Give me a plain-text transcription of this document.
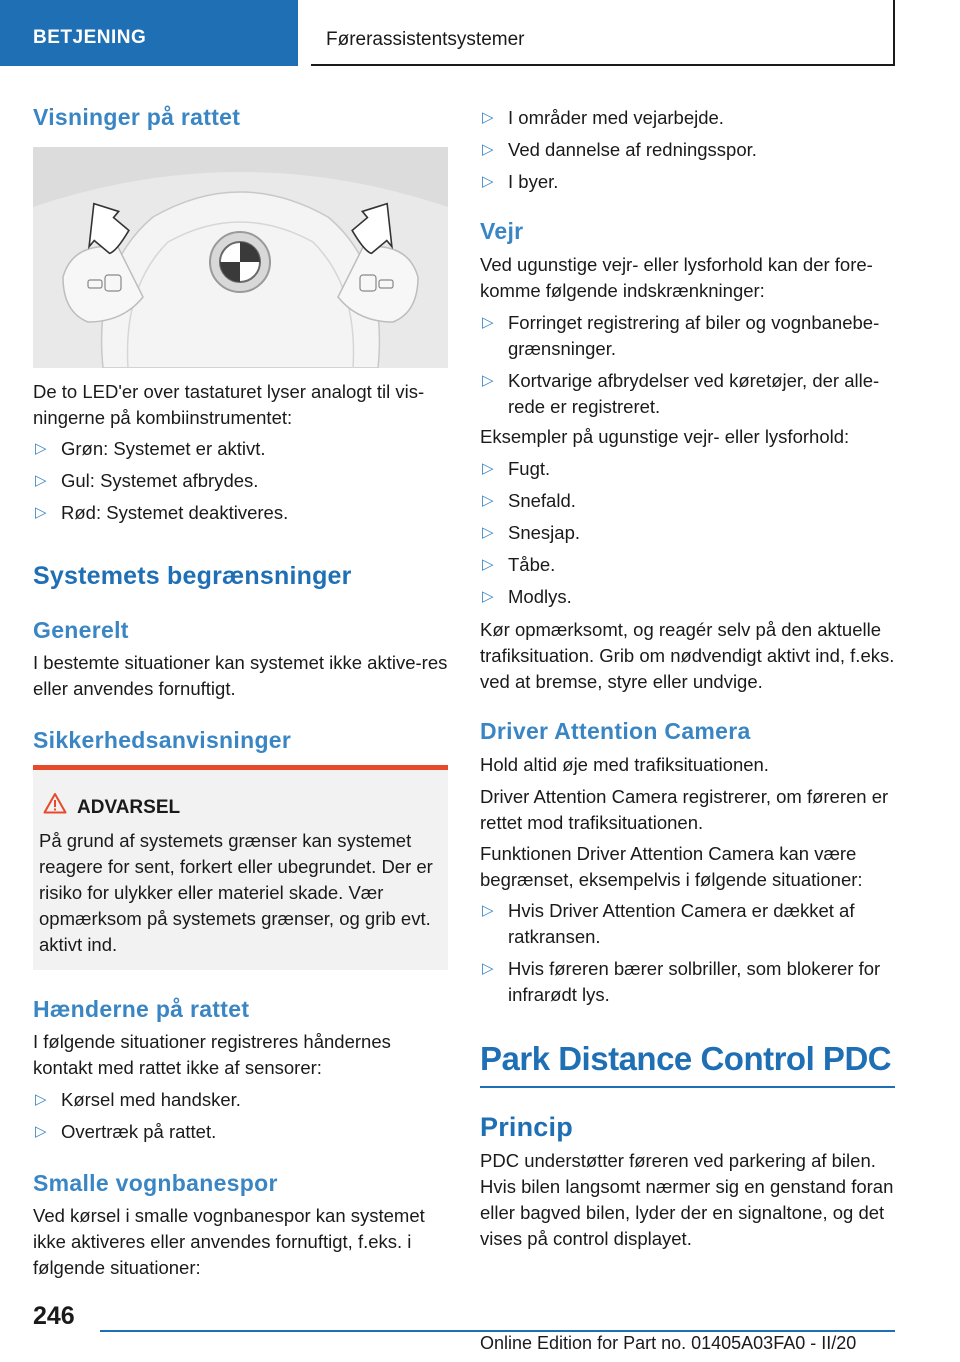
BETJENING	Førerassistentsystemer
Visninger på rattet

De to LED'er over tastaturet lyser analogt til vis-ningerne på kombiinstrumentet:

▷ Grøn: Systemet er aktivt.
▷ Gul: Systemet afbrydes.
▷ Rød: Systemet deaktiveres.
Systemets begrænsninger
Generelt

I bestemte situationer kan systemet ikke aktive-res eller anvendes fornuftigt.

Sikkerhedsanvisninger
ADVARSEL
På grund af systemets grænser kan systemet reagere for sent, forkert eller ubegrundet. Der er risiko for ulykker eller materiel skade. Vær opmærksom på systemets grænser, og grib evt. aktivt ind.
Hænderne på rattet

I følgende situationer registreres håndernes kontakt med rattet ikke af sensorer:

▷ Kørsel med handsker.
▷ Overtræk på rattet.
Smalle vognbanespor

Ved kørsel i smalle vognbanespor kan systemet ikke aktiveres eller anvendes fornuftigt, f.eks. i følgende situationer:

▷ I områder med vejarbejde.
▷ Ved dannelse af redningsspor.
▷ I byer.
Vejr

Ved ugunstige vejr- eller lysforhold kan der fore-komme følgende indskrænkninger:

▷ Forringet registrering af biler og vognbanebe-grænsninger.
▷ Kortvarige afbrydelser ved køretøjer, der alle-rede er registreret.

Eksempler på ugunstige vejr- eller lysforhold:

▷ Fugt.
▷ Snefald.
▷ Snesjap.
▷ Tåbe.
▷ Modlys.

Kør opmærksomt, og reagér selv på den aktuelle trafiksituation. Grib om nødvendigt aktivt ind, f.eks. ved at bremse, styre eller undvige.

Driver Attention Camera

Hold altid øje med trafiksituationen.

Driver Attention Camera registrerer, om føreren er rettet mod trafiksituationen.

Funktionen Driver Attention Camera kan være begrænset, eksempelvis i følgende situationer:

▷ Hvis Driver Attention Camera er dækket af ratkransen.
▷ Hvis føreren bærer solbriller, som blokerer for infrarødt lys.
Park Distance Control PDC
Princip

PDC understøtter føreren ved parkering af bilen. Hvis bilen langsomt nærmer sig en genstand foran eller bagved bilen, lyder der en signaltone, og det vises på control displayet.

246
Online Edition for Part no. 01405A03FA0 - II/20
